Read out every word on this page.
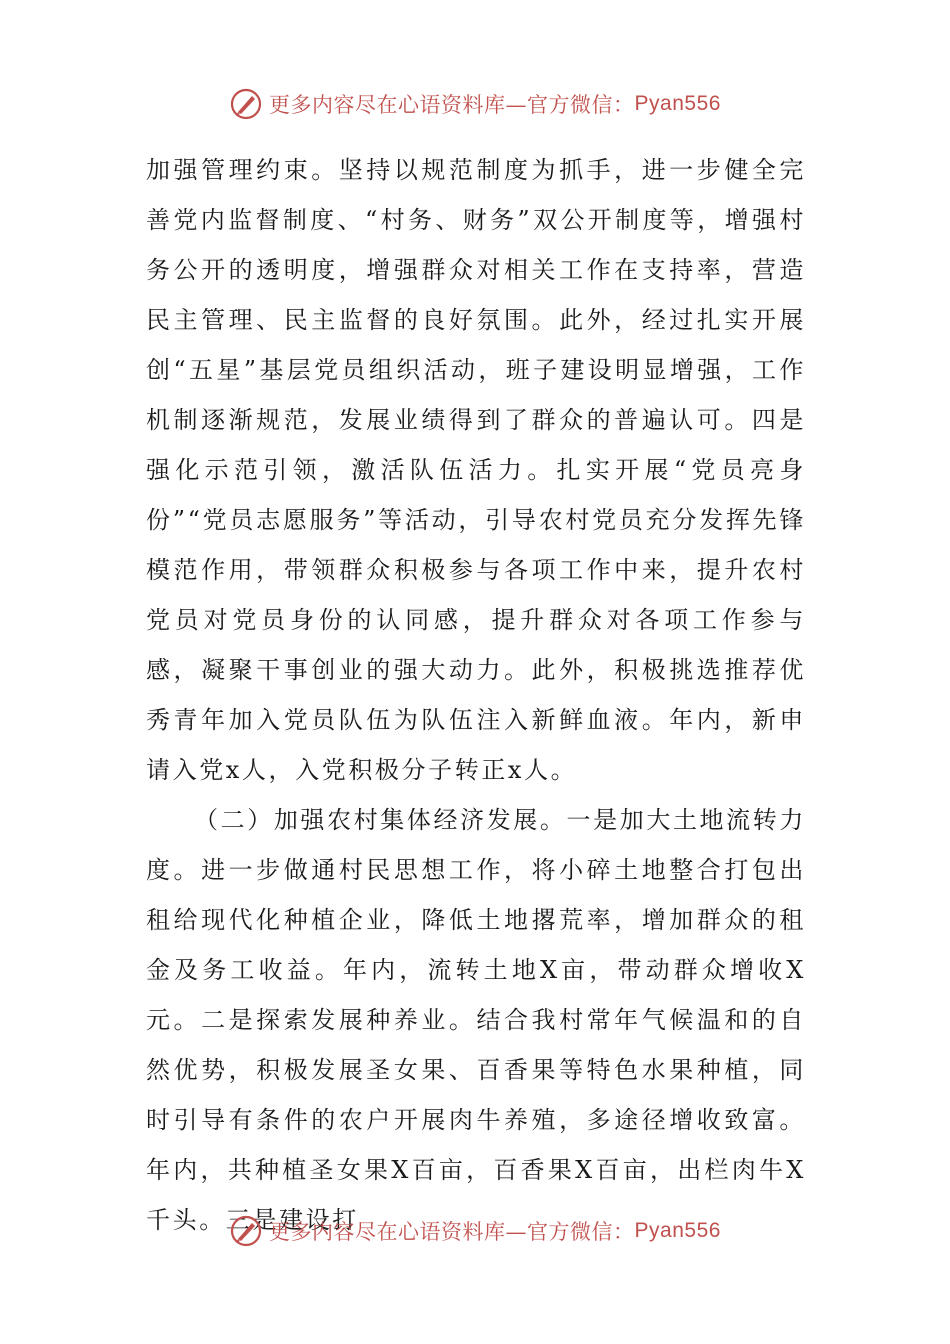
更多内容尽在心语资料库—官方微信： Pyan556

加强管理约束。坚持以规范制度为抓手，进一步健全完善党内监督制度、“村务、财务”双公开制度等，增强村务公开的透明度，增强群众对相关工作在支持率，营造民主管理、民主监督的良好氛围。此外，经过扎实开展创“五星”基层党员组织活动，班子建设明显增强，工作机制逐渐规范，发展业绩得到了群众的普遍认可。四是强化示范引领，激活队伍活力。扎实开展“党员亮身份”“党员志愿服务”等活动，引导农村党员充分发挥先锋模范作用，带领群众积极参与各项工作中来，提升农村党员对党员身份的认同感，提升群众对各项工作参与感，凝聚干事创业的强大动力。此外，积极挑选推荐优秀青年加入党员队伍为队伍注入新鲜血液。年内，新申请入党x人，入党积极分子转正x人。

（二）加强农村集体经济发展。一是加大土地流转力度。进一步做通村民思想工作，将小碎土地整合打包出租给现代化种植企业，降低土地撂荒率，增加群众的租金及务工收益。年内，流转土地X亩，带动群众增收X元。二是探索发展种养业。结合我村常年气候温和的自然优势，积极发展圣女果、百香果等特色水果种植，同时引导有条件的农户开展肉牛养殖，多途径增收致富。年内，共种植圣女果X百亩，百香果X百亩，出栏肉牛X千头。三是建设打

更多内容尽在心语资料库—官方微信： Pyan556
